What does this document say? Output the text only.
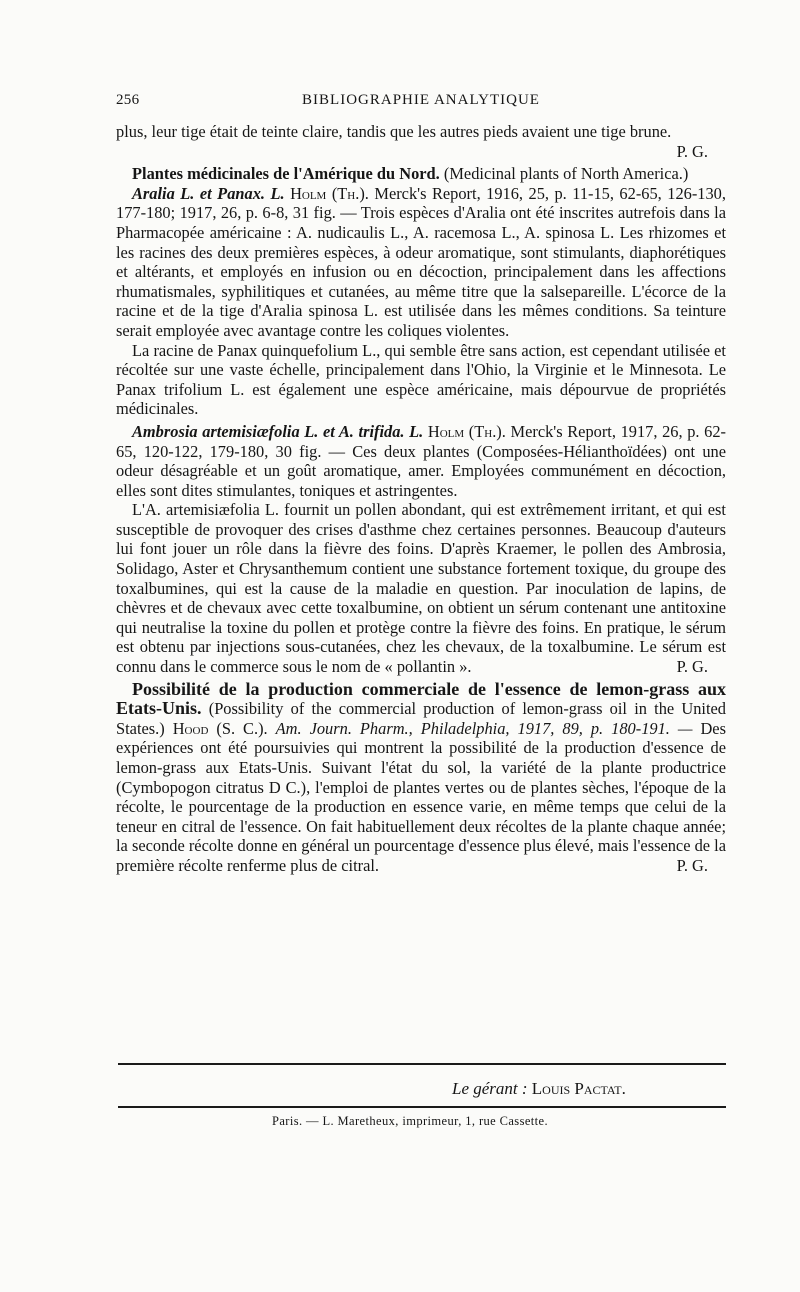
256	BIBLIOGRAPHIE ANALYTIQUE

plus, leur tige était de teinte claire, tandis que les autres pieds avaient une tige brune.

P. G.

Plantes médicinales de l'Amérique du Nord. (Medicinal plants of North America.)

Aralia L. et Panax. L. Holm (Th.). Merck's Report, 1916, 25, p. 11-15, 62-65, 126-130, 177-180; 1917, 26, p. 6-8, 31 fig. — Trois espèces d'Aralia ont été inscrites autrefois dans la Pharmacopée américaine : A. nudicaulis L., A. racemosa L., A. spinosa L. Les rhizomes et les racines des deux premières espèces, à odeur aromatique, sont stimulants, diaphorétiques et altérants, et employés en infusion ou en décoction, principalement dans les affections rhumatismales, syphilitiques et cutanées, au même titre que la salsepareille. L'écorce de la racine et de la tige d'Aralia spinosa L. est utilisée dans les mêmes conditions. Sa teinture serait employée avec avantage contre les coliques violentes.

La racine de Panax quinquefolium L., qui semble être sans action, est cependant utilisée et récoltée sur une vaste échelle, principalement dans l'Ohio, la Virginie et le Minnesota. Le Panax trifolium L. est également une espèce américaine, mais dépourvue de propriétés médicinales.

Ambrosia artemisiæfolia L. et A. trifida. L. Holm (Th.). Merck's Report, 1917, 26, p. 62-65, 120-122, 179-180, 30 fig. — Ces deux plantes (Composées-Hélianthoïdées) ont une odeur désagréable et un goût aromatique, amer. Employées communément en décoction, elles sont dites stimulantes, toniques et astringentes.

L'A. artemisiæfolia L. fournit un pollen abondant, qui est extrêmement irritant, et qui est susceptible de provoquer des crises d'asthme chez certaines personnes. Beaucoup d'auteurs lui font jouer un rôle dans la fièvre des foins. D'après Kraemer, le pollen des Ambrosia, Solidago, Aster et Chrysanthemum contient une substance fortement toxique, du groupe des toxalbumines, qui est la cause de la maladie en question. Par inoculation de lapins, de chèvres et de chevaux avec cette toxalbumine, on obtient un sérum contenant une antitoxine qui neutralise la toxine du pollen et protège contre la fièvre des foins. En pratique, le sérum est obtenu par injections sous-cutanées, chez les chevaux, de la toxalbumine. Le sérum est connu dans le commerce sous le nom de « pollantin ».	P. G.

Possibilité de la production commerciale de l'essence de lemon-grass aux Etats-Unis. (Possibility of the commercial production of lemon-grass oil in the United States.) Hood (S. C.). Am. Journ. Pharm., Philadelphia, 1917, 89, p. 180-191. — Des expériences ont été poursuivies qui montrent la possibilité de la production d'essence de lemon-grass aux Etats-Unis. Suivant l'état du sol, la variété de la plante productrice (Cymbopogon citratus D C.), l'emploi de plantes vertes ou de plantes sèches, l'époque de la récolte, le pourcentage de la production en essence varie, en même temps que celui de la teneur en citral de l'essence. On fait habituellement deux récoltes de la plante chaque année; la seconde récolte donne en général un pourcentage d'essence plus élevé, mais l'essence de la première récolte renferme plus de citral.	P. G.

Le gérant : Louis Pactat.
Paris. — L. Maretheux, imprimeur, 1, rue Cassette.
